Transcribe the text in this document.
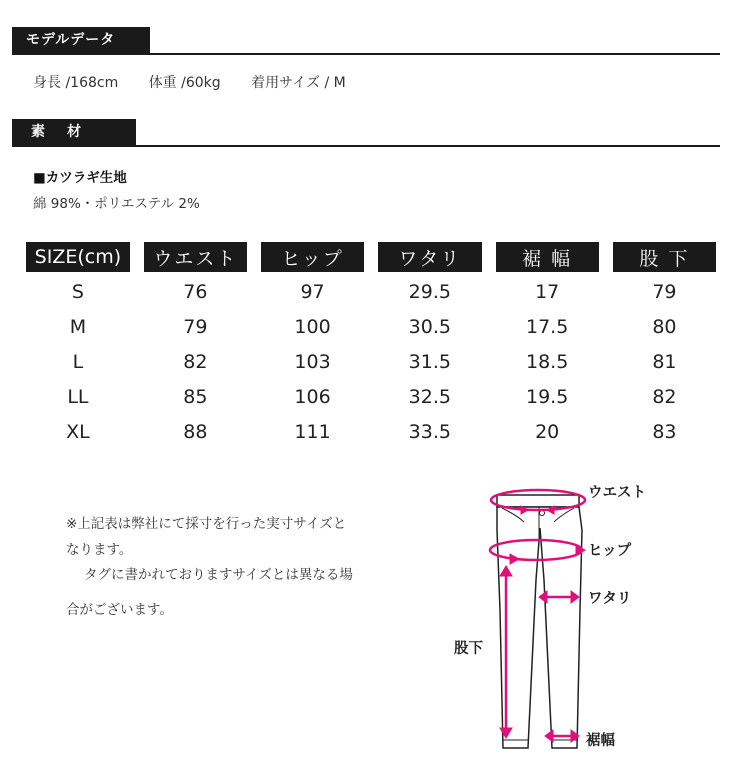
モデルデータ
身長 /168cm 体重 /60kg 着用サイズ / M
素材
■カツラギ生地
綿 98%・ポリエステル 2%
SIZE(cm)	ウエスト	ヒップ	ワタリ	裾 幅	股 下
S	76	97	29.5	17	79
M	79	100	30.5	17.5	80
L	82	103	31.5	18.5	81
LL	85	106	32.5	19.5	82
XL	88	111	33.5	20	83
※上記表は弊社にて採寸を行った実寸サイズと
なります。
タグに書かれておりますサイズとは異なる場
合がございます。
ウエスト
ヒップ
ワタリ
股下
裾幅
